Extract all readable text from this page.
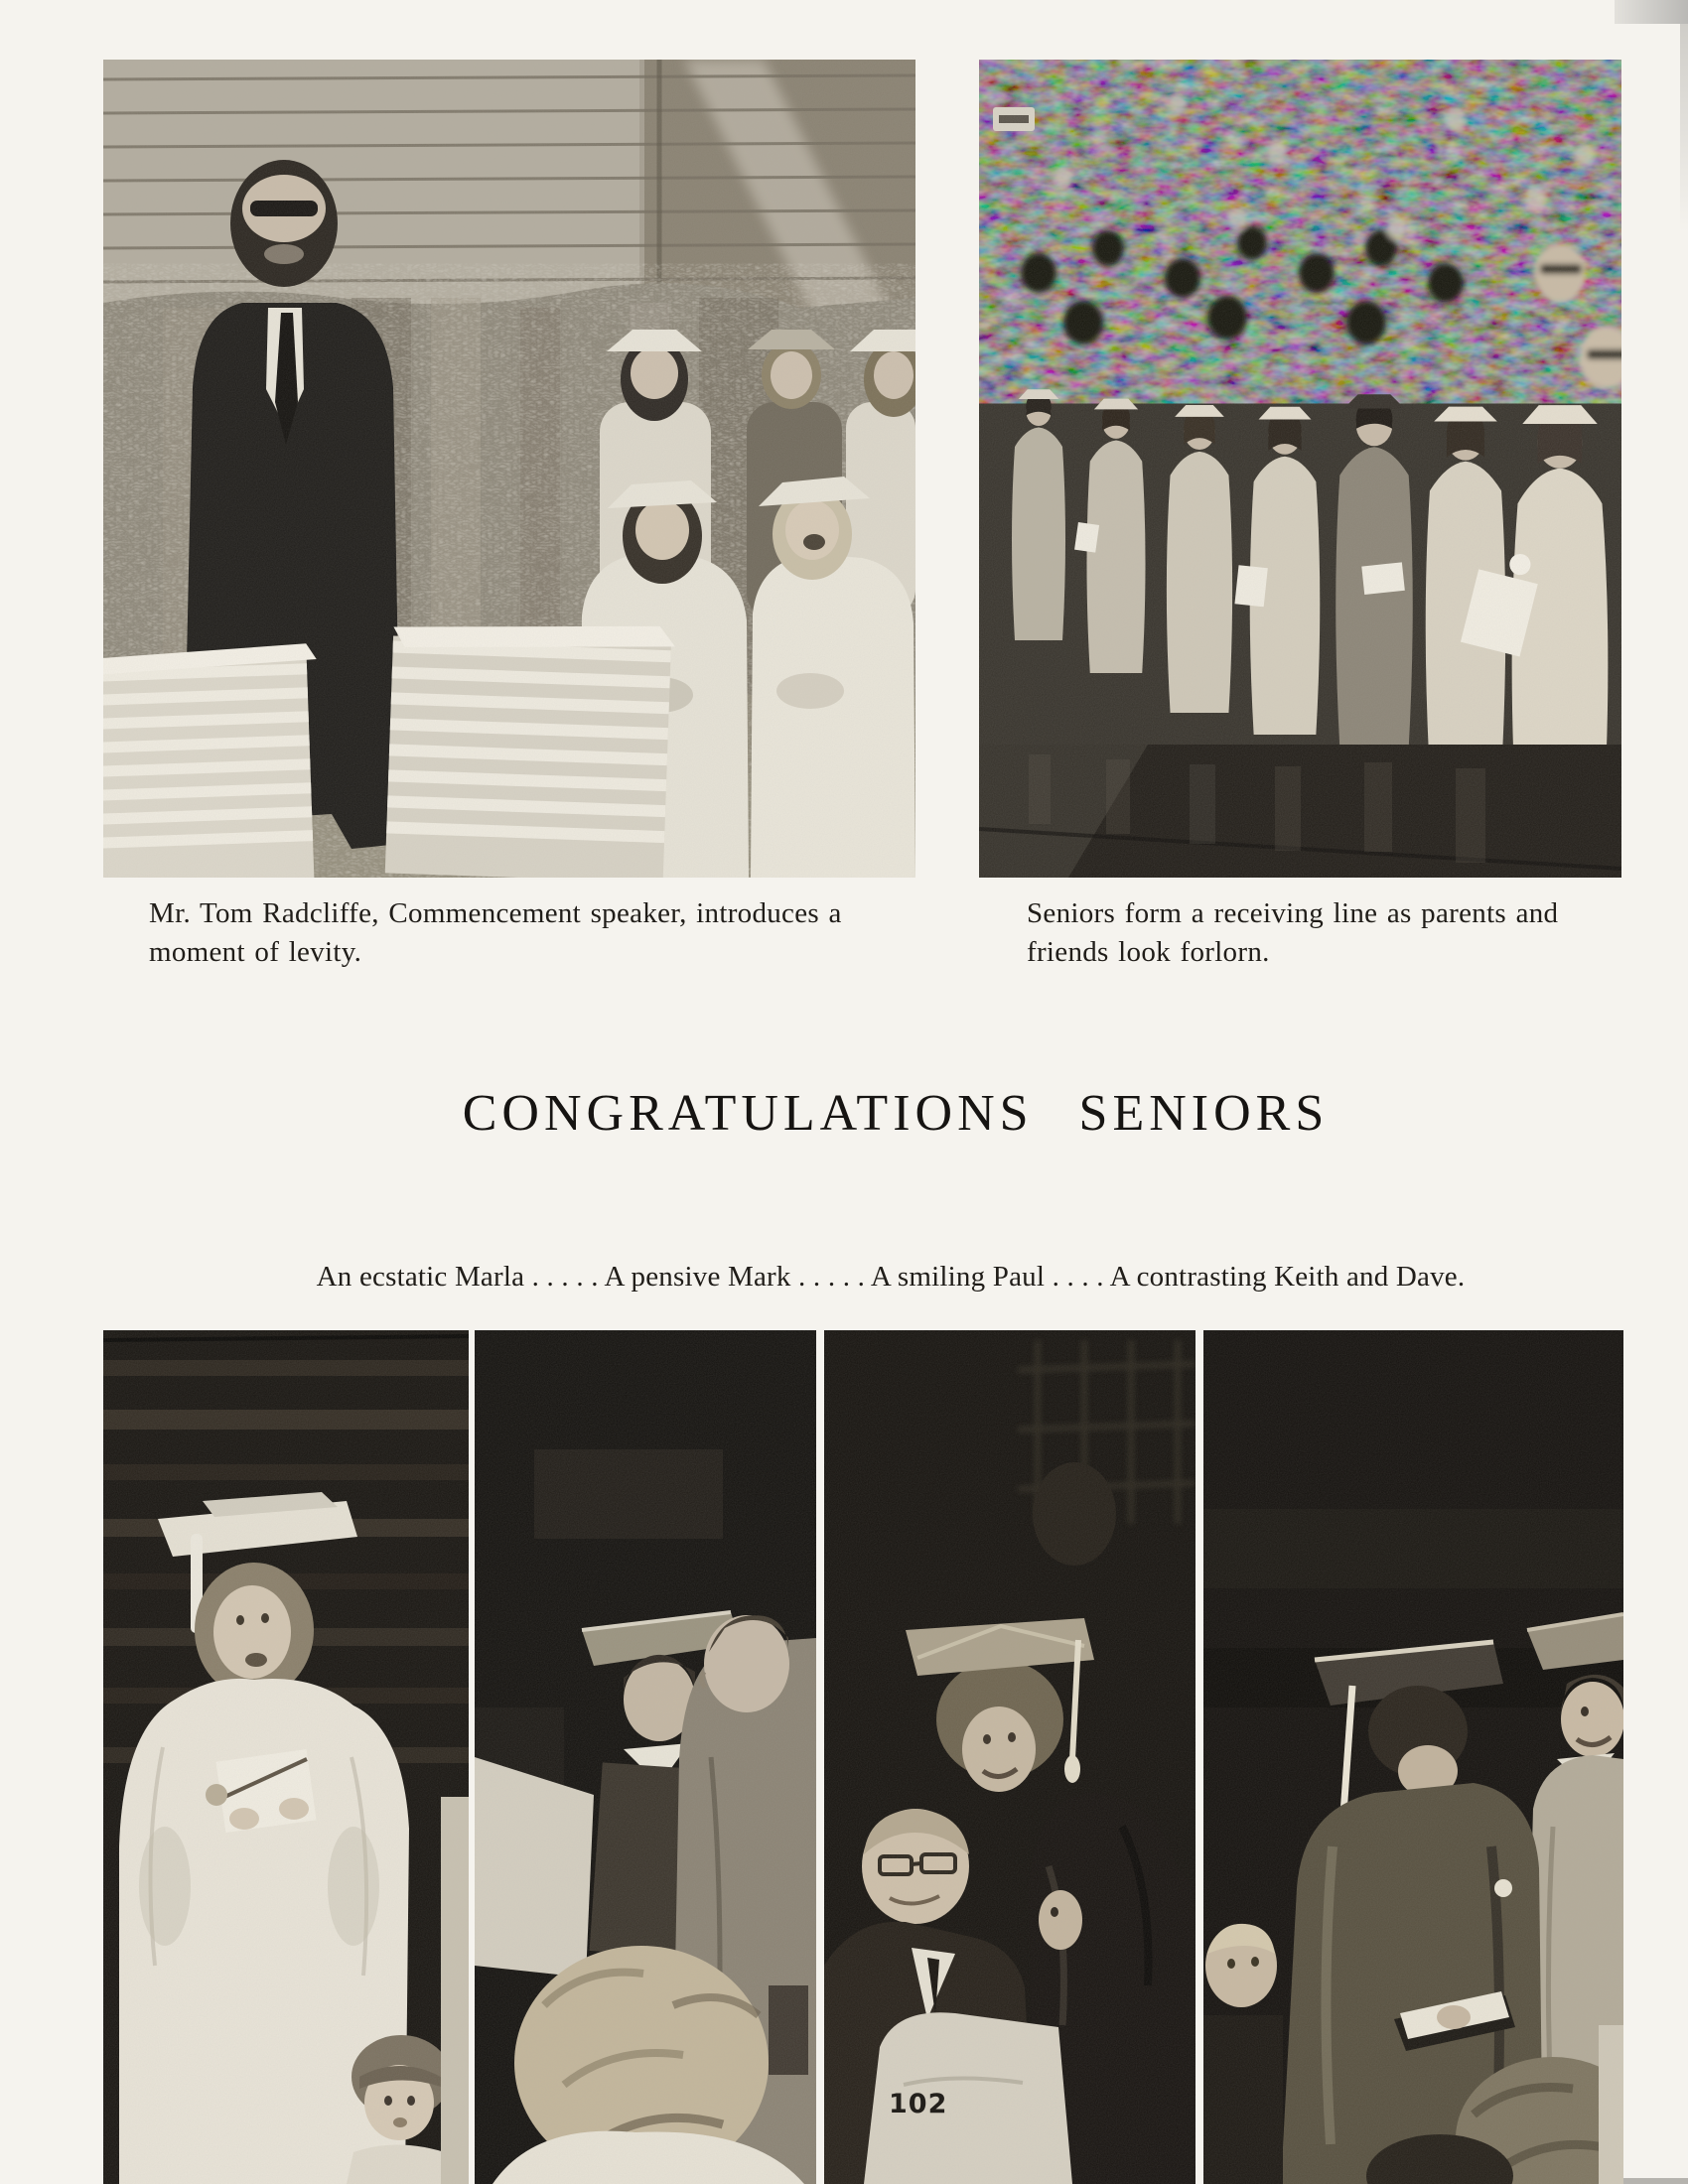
Mr. Tom Radcliffe, Commencement speaker, introduces a
moment of levity.
Seniors form a receiving line as parents and
friends look forlorn.
CONGRATULATIONS SENIORS
An ecstatic Marla . . . . . A pensive Mark . . . . . A smiling Paul . . . . A contrasting Keith and Dave.
102
